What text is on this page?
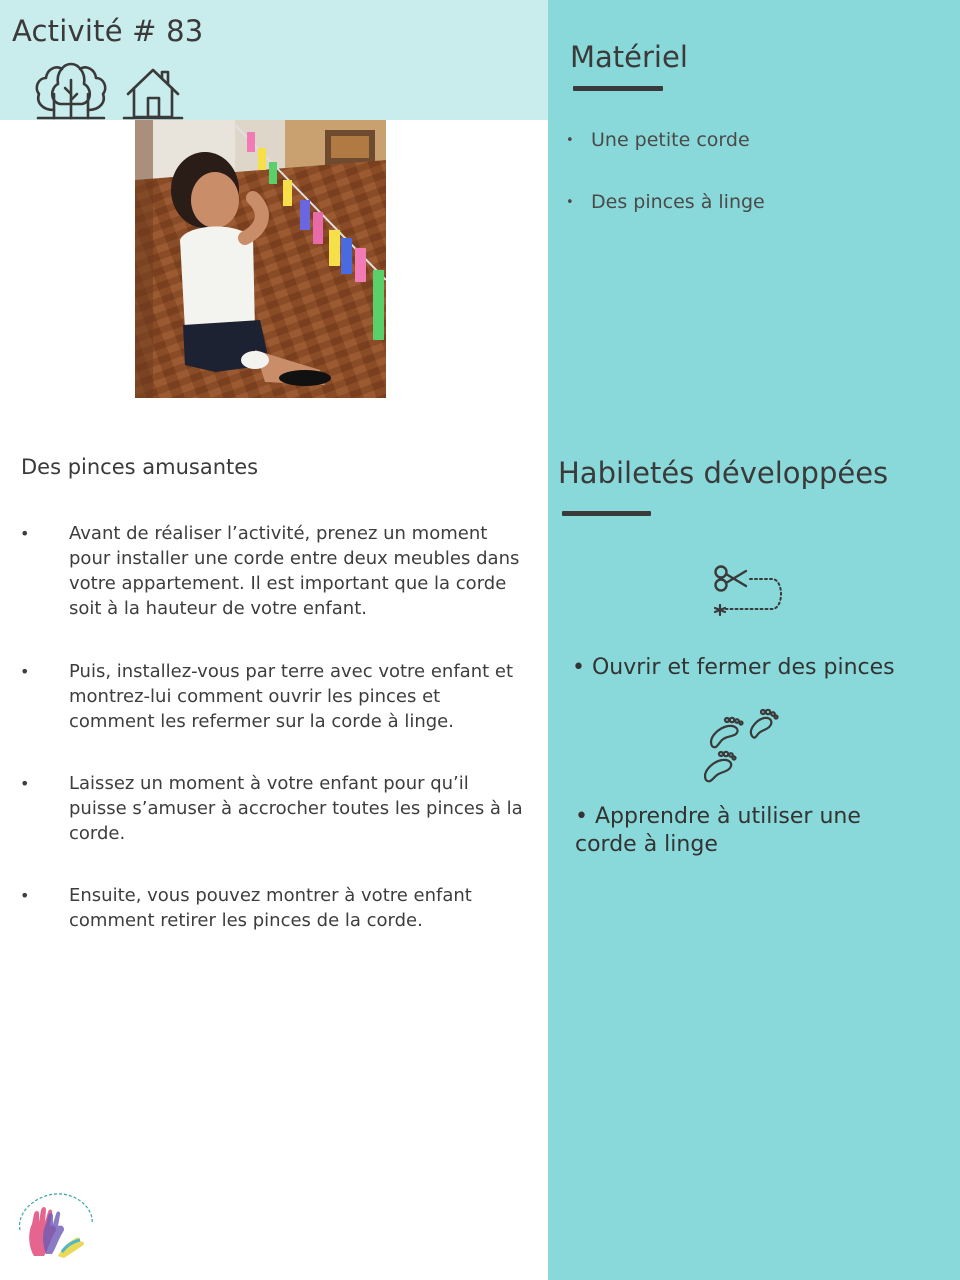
Activité # 83
Matériel
• Une petite corde
• Des pinces à linge
Des pinces amusantes
• Avant de réaliser l’activité, prenez un moment pour installer une corde entre deux meubles dans votre appartement. Il est important que la corde soit à la hauteur de votre enfant.
• Puis, installez-vous par terre avec votre enfant et montrez-lui comment ouvrir les pinces et comment les refermer sur la corde à linge.
• Laissez un moment à votre enfant pour qu’il puisse s’amuser à accrocher toutes les pinces à la corde.
• Ensuite, vous pouvez montrer à votre enfant comment retirer les pinces de la corde.
Habiletés développées
• Ouvrir et fermer des pinces
• Apprendre à utiliser une corde à linge
